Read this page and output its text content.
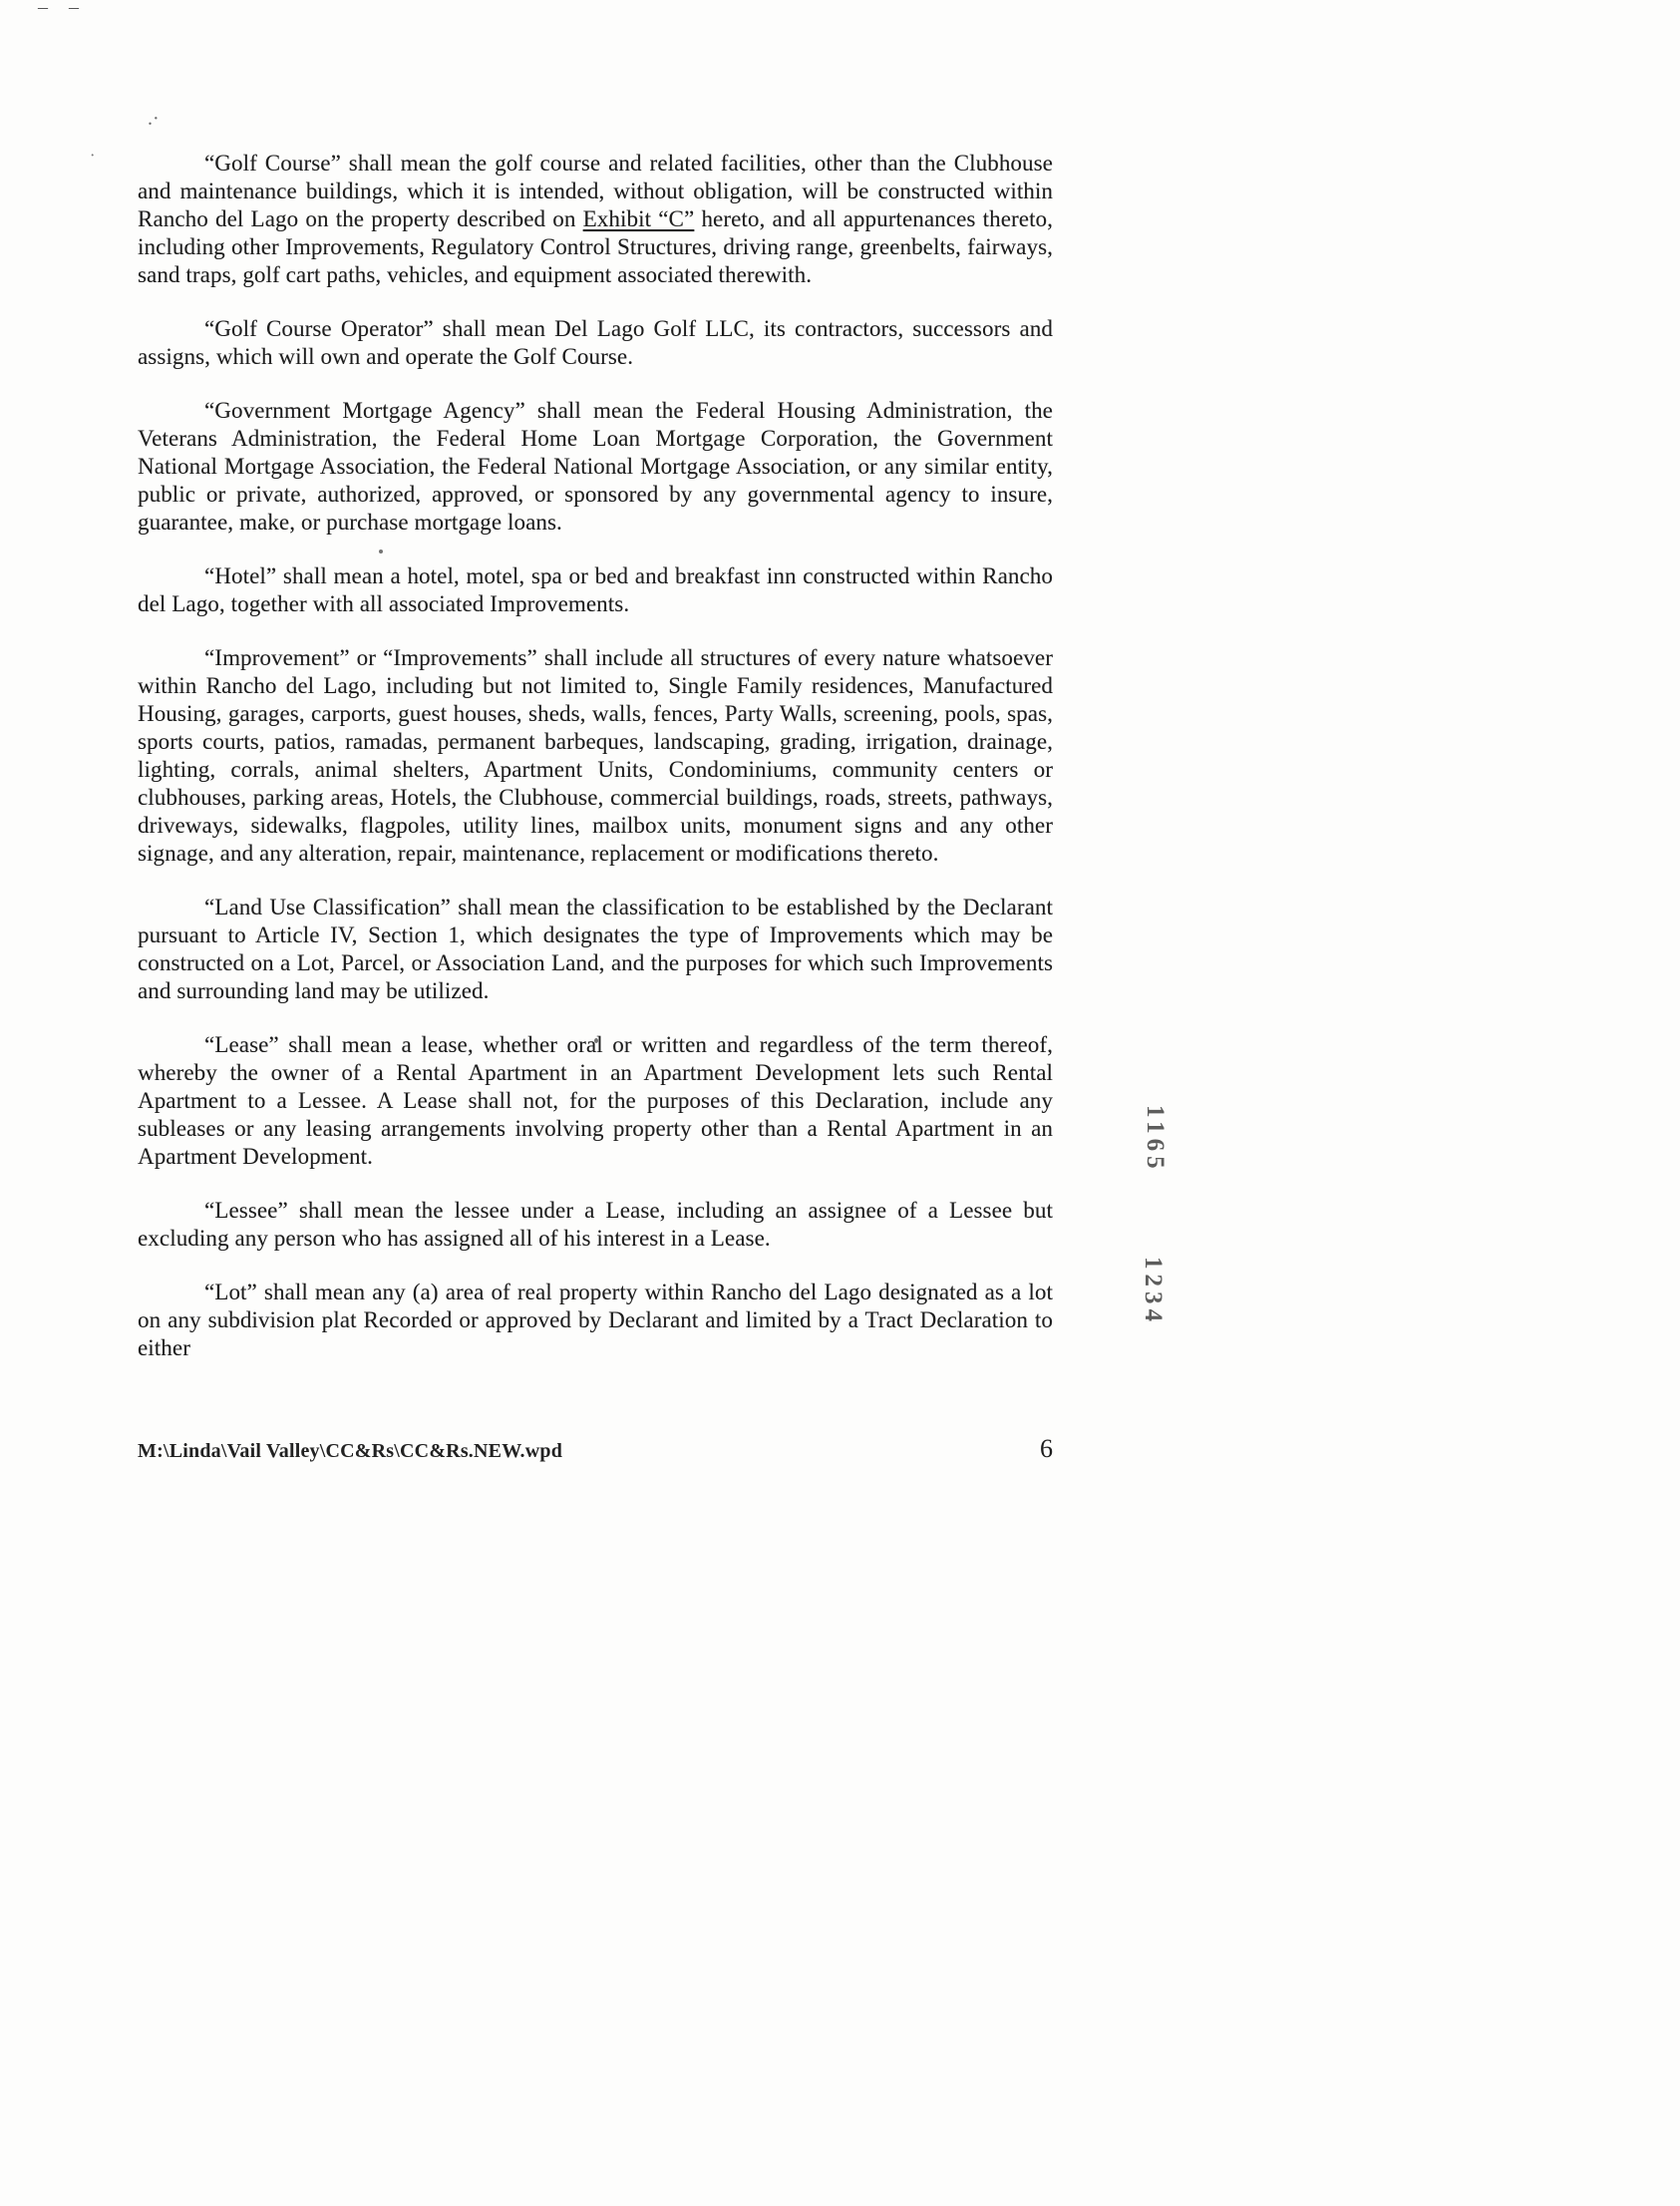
– –
.·
·	“Golf Course” shall mean the golf course and related facilities, other than the Clubhouse and maintenance buildings, which it is intended, without obligation, will be constructed within Rancho del Lago on the property described on Exhibit “C” hereto, and all appurtenances thereto, including other Improvements, Regulatory Control Structures, driving range, greenbelts, fairways, sand traps, golf cart paths, vehicles, and equipment associated therewith.

“Golf Course Operator” shall mean Del Lago Golf LLC, its contractors, successors and assigns, which will own and operate the Golf Course.

“Government Mortgage Agency” shall mean the Federal Housing Administration, the Veterans Administration, the Federal Home Loan Mortgage Corporation, the Government National Mortgage Association, the Federal National Mortgage Association, or any similar entity, public or private, authorized, approved, or sponsored by any governmental agency to insure, guarantee, make, or purchase mortgage loans.

“Hotel” shall mean a hotel, motel, spa or bed and breakfast inn constructed within Rancho del Lago, together with all associated Improvements.

“Improvement” or “Improvements” shall include all structures of every nature whatsoever within Rancho del Lago, including but not limited to, Single Family residences, Manufactured Housing, garages, carports, guest houses, sheds, walls, fences, Party Walls, screening, pools, spas, sports courts, patios, ramadas, permanent barbeques, landscaping, grading, irrigation, drainage, lighting, corrals, animal shelters, Apartment Units, Condominiums, community centers or clubhouses, parking areas, Hotels, the Clubhouse, commercial buildings, roads, streets, pathways, driveways, sidewalks, flagpoles, utility lines, mailbox units, monument signs and any other signage, and any alteration, repair, maintenance, replacement or modifications thereto.

“Land Use Classification” shall mean the classification to be established by the Declarant pursuant to Article IV, Section 1, which designates the type of Improvements which may be constructed on a Lot, Parcel, or Association Land, and the purposes for which such Improvements and surrounding land may be utilized.

“Lease” shall mean a lease, whether oral or written and regardless of the term thereof, whereby the owner of a Rental Apartment in an Apartment Development lets such Rental Apartment to a Lessee. A Lease shall not, for the purposes of this Declaration, include any subleases or any leasing arrangements involving property other than a Rental Apartment in an Apartment Development.

“Lessee” shall mean the lessee under a Lease, including an assignee of a Lessee but excluding any person who has assigned all of his interest in a Lease.

“Lot” shall mean any (a) area of real property within Rancho del Lago designated as a lot on any subdivision plat Recorded or approved by Declarant and limited by a Tract Declaration to either

1165
1234
M:\Linda\Vail Valley\CC&Rs\CC&Rs.NEW.wpd	6
